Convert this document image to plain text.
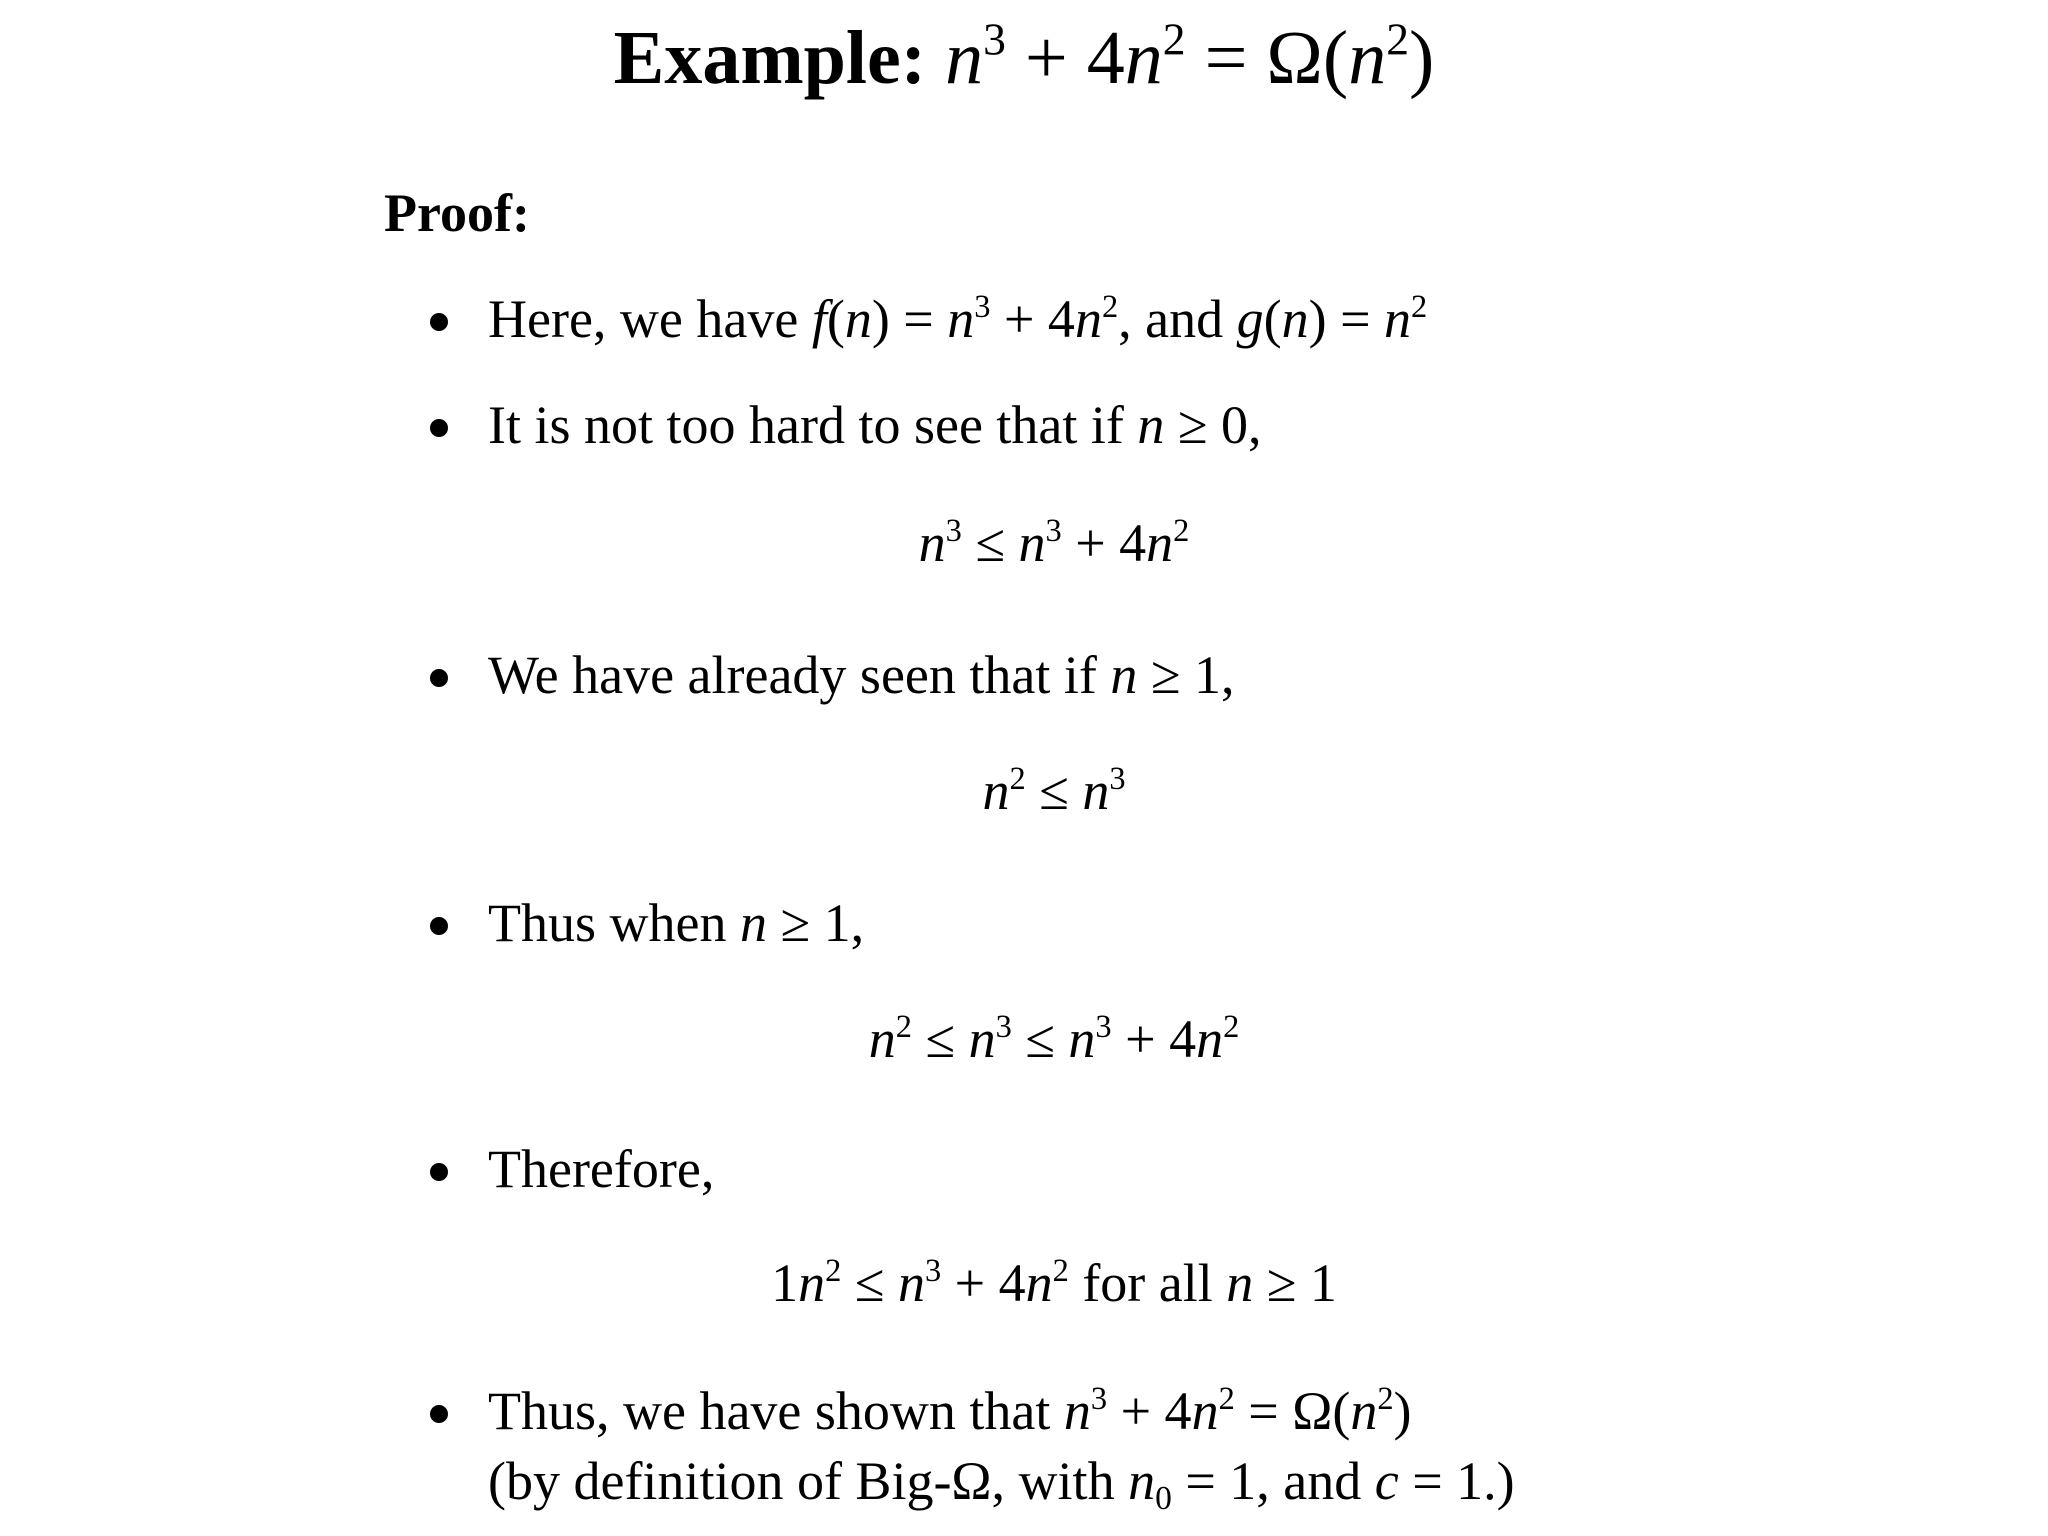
Example: $n^3 + 4n^2 = \Omega(n^2)$
Proof:
Here, we have $f(n) = n^3 + 4n^2$, and $g(n) = n^2$
It is not too hard to see that if n ≥ 0,
$n^3 \le n^3 + 4n^2$
We have already seen that if n ≥ 1,
$n^2 \le n^3$
Thus when n ≥ 1,
$n^2 \le n^3 \le n^3 + 4n^2$
Therefore,
$1n^2 \le n^3 + 4n^2$ for all n ≥ 1
Thus, we have shown that $n^3 + 4n^2 = \Omega(n^2)$
(by definition of Big-Ω, with $n_0 = 1$, and c = 1.)
